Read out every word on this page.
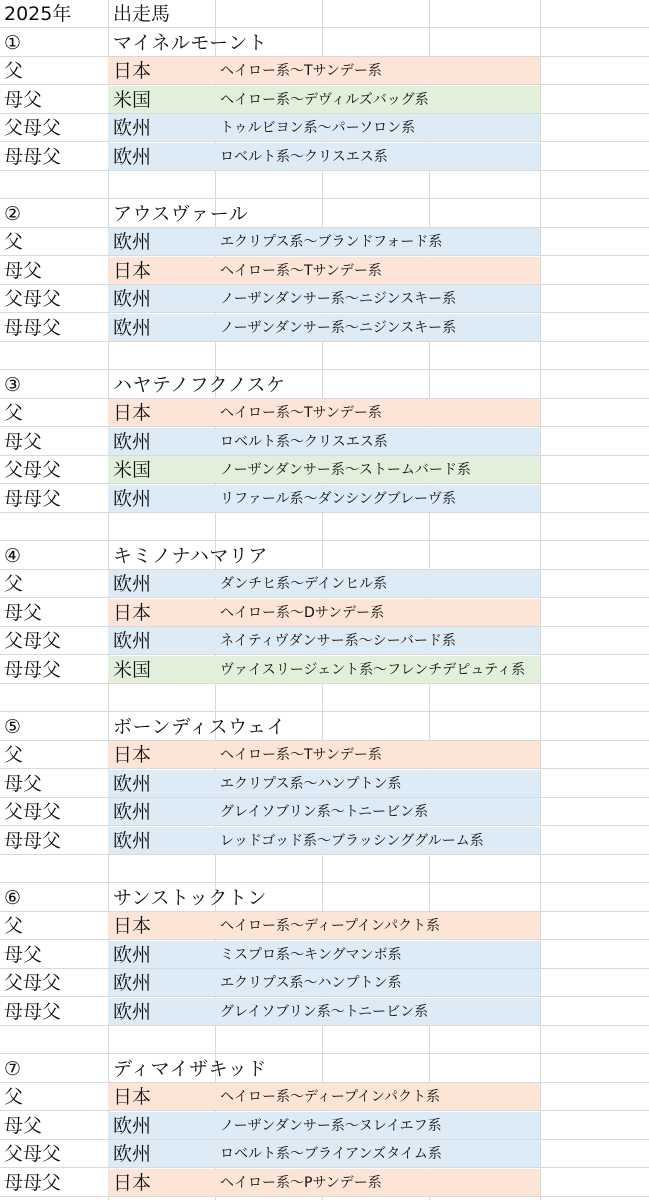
2025年 出走馬
①	マイネルモーント
父	日本	ヘイロー系～Tサンデー系
母父	米国	ヘイロー系～デヴィルズバッグ系
父母父	欧州	トゥルビヨン系～パーソロン系
母母父	欧州	ロベルト系～クリスエス系
②	アウスヴァール
父	欧州	エクリプス系～ブランドフォード系
母父	日本	ヘイロー系～Tサンデー系
父母父	欧州	ノーザンダンサー系～ニジンスキー系
母母父	欧州	ノーザンダンサー系～ニジンスキー系
③	ハヤテノフクノスケ
父	日本	ヘイロー系～Tサンデー系
母父	欧州	ロベルト系～クリスエス系
父母父	米国	ノーザンダンサー系～ストームバード系
母母父	欧州	リファール系～ダンシングブレーヴ系
④	キミノナハマリア
父	欧州	ダンチヒ系～デインヒル系
母父	日本	ヘイロー系～Dサンデー系
父母父	欧州	ネイティヴダンサー系～シーバード系
母母父	米国	ヴァイスリージェント系～フレンチデピュティ系
⑤	ボーンディスウェイ
父	日本	ヘイロー系～Tサンデー系
母父	欧州	エクリプス系～ハンプトン系
父母父	欧州	グレイソブリン系～トニービン系
母母父	欧州	レッドゴッド系～ブラッシンググルーム系
⑥	サンストックトン
父	日本	ヘイロー系～ディープインパクト系
母父	欧州	ミスプロ系～キングマンボ系
父母父	欧州	エクリプス系～ハンプトン系
母母父	欧州	グレイソブリン系～トニービン系
⑦	ディマイザキッド
父	日本	ヘイロー系～ディープインパクト系
母父	欧州	ノーザンダンサー系～ヌレイエフ系
父母父	欧州	ロベルト系～ブライアンズタイム系
母母父	日本	ヘイロー系～Pサンデー系
